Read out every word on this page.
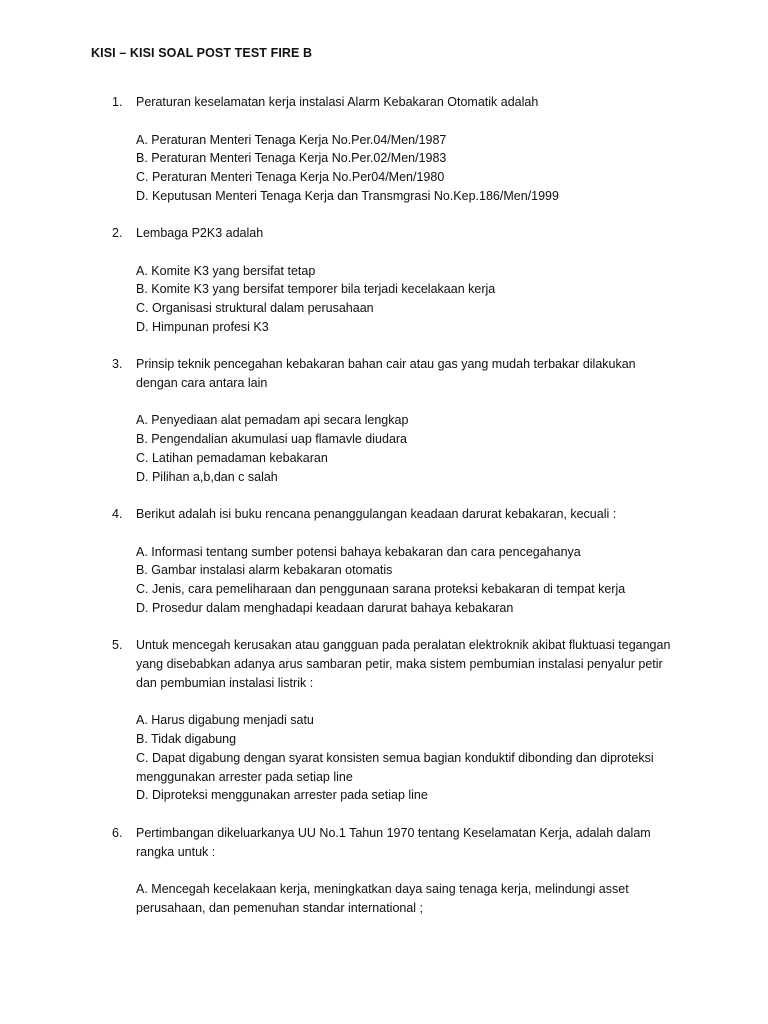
KISI – KISI SOAL POST TEST FIRE B
1.	Peraturan keselamatan kerja instalasi Alarm Kebakaran Otomatik adalah
A. Peraturan Menteri Tenaga Kerja No.Per.04/Men/1987
B. Peraturan Menteri Tenaga Kerja No.Per.02/Men/1983
C. Peraturan Menteri Tenaga Kerja No.Per04/Men/1980
D. Keputusan Menteri Tenaga Kerja dan Transmgrasi No.Kep.186/Men/1999
2.	Lembaga P2K3 adalah
A. Komite K3 yang bersifat tetap
B. Komite K3 yang bersifat temporer bila terjadi kecelakaan kerja
C. Organisasi struktural dalam perusahaan
D. Himpunan profesi K3
3.	Prinsip teknik pencegahan kebakaran bahan cair atau gas yang mudah terbakar dilakukan dengan cara antara lain
A. Penyediaan alat pemadam api secara lengkap
B. Pengendalian akumulasi uap flamavle diudara
C. Latihan pemadaman kebakaran
D. Pilihan a,b,dan c salah
4.	Berikut adalah isi buku rencana penanggulangan keadaan darurat kebakaran, kecuali :
A. Informasi tentang sumber potensi bahaya kebakaran dan cara pencegahanya
B. Gambar instalasi alarm kebakaran otomatis
C. Jenis, cara pemeliharaan dan penggunaan sarana proteksi kebakaran di tempat kerja
D. Prosedur dalam menghadapi keadaan darurat bahaya kebakaran
5.	Untuk mencegah kerusakan atau gangguan pada peralatan elektroknik akibat fluktuasi tegangan yang disebabkan adanya arus sambaran petir, maka sistem pembumian instalasi penyalur petir dan pembumian instalasi listrik :
A. Harus digabung menjadi satu
B. Tidak digabung
C. Dapat digabung dengan syarat konsisten semua bagian konduktif dibonding dan diproteksi menggunakan arrester pada setiap line
D. Diproteksi menggunakan arrester pada setiap line
6.	Pertimbangan dikeluarkanya UU No.1 Tahun 1970 tentang Keselamatan Kerja, adalah dalam rangka untuk :
A. Mencegah kecelakaan kerja, meningkatkan daya saing tenaga kerja, melindungi asset perusahaan, dan pemenuhan standar international ;
